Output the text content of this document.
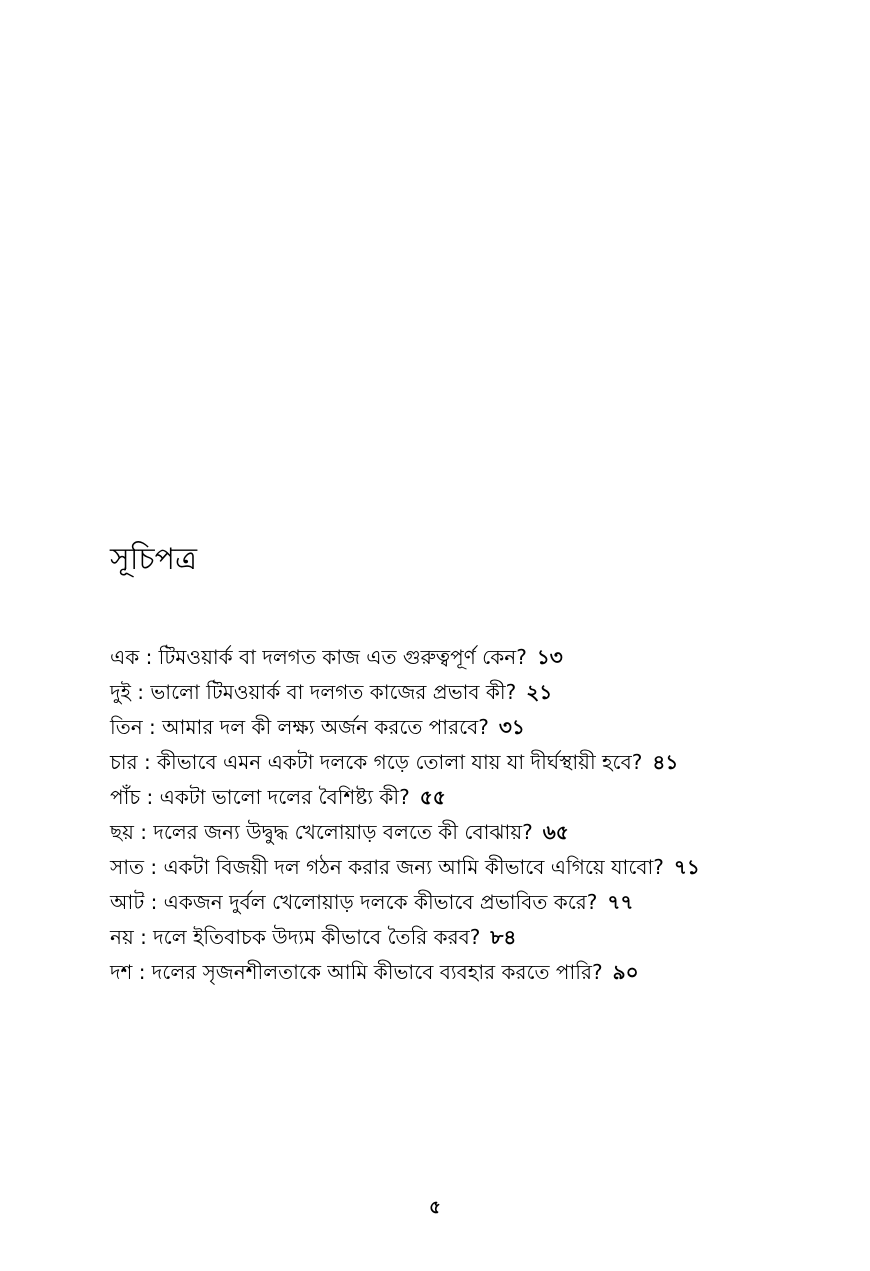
সূচিপত্র
এক : টিমওয়ার্ক বা দলগত কাজ এত গুরুত্বপূর্ণ কেন? ১৩
দুই : ভালো টিমওয়ার্ক বা দলগত কাজের প্রভাব কী? ২১
তিন : আমার দল কী লক্ষ্য অর্জন করতে পারবে? ৩১
চার : কীভাবে এমন একটা দলকে গড়ে তোলা যায় যা দীর্ঘস্থায়ী হবে? ৪১
পাঁচ : একটা ভালো দলের বৈশিষ্ট্য কী? ৫৫
ছয় : দলের জন্য উদ্বুদ্ধ খেলোয়াড় বলতে কী বোঝায়? ৬৫
সাত : একটা বিজয়ী দল গঠন করার জন্য আমি কীভাবে এগিয়ে যাবো? ৭১
আট : একজন দুর্বল খেলোয়াড় দলকে কীভাবে প্রভাবিত করে? ৭৭
নয় : দলে ইতিবাচক উদ্যম কীভাবে তৈরি করব? ৮৪
দশ : দলের সৃজনশীলতাকে আমি কীভাবে ব্যবহার করতে পারি? ৯০
৫
